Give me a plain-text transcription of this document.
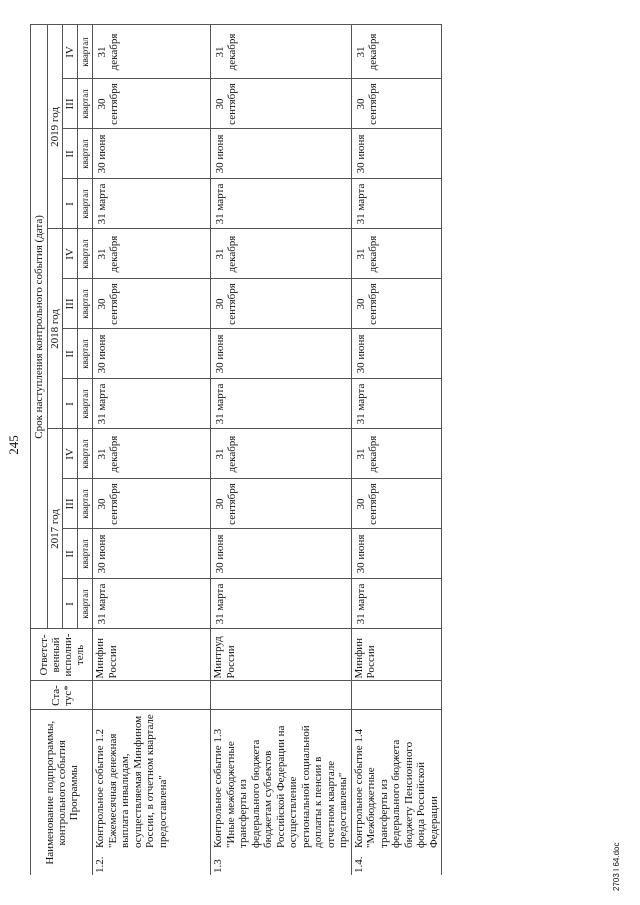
245
Наименование подпрограммы, контрольного события Программы		Ста-тус*	Ответст-венный исполни-тель	Срок наступления контрольного события (дата)											
				2017 год				2018 год				2019 год			
				I	II	III	IV	I	II	III	IV	I	II	III	IV
				квартал	квартал	квартал	квартал	квартал	квартал	квартал	квартал	квартал	квартал	квартал	квартал
1.2.	Контрольное событие 1.2 "Ежемесячная денежная выплата инвалидам, осуществляемая Минфином России, в отчетном квартале предоставлена"		Минфин России	31 марта	30 июня	30 сентября	31 декабря	31 марта	30 июня	30 сентября	31 декабря	31 марта	30 июня	30 сентября	31 декабря
1.3	Контрольное событие 1.3 "Иные межбюджетные трансферты из федерального бюджета бюджетам субъектов Российской Федерации на осуществление региональной социальной доплаты к пенсии в отчетном квартале предоставлены"		Минтруд России	31 марта	30 июня	30 сентября	31 декабря	31 марта	30 июня	30 сентября	31 декабря	31 марта	30 июня	30 сентября	31 декабря
1.4.	Контрольное событие 1.4 "Межбюджетные трансферты из федерального бюджета бюджету Пенсионного фонда Российской Федерации		Минфин России	31 марта	30 июня	30 сентября	31 декабря	31 марта	30 июня	30 сентября	31 декабря	31 марта	30 июня	30 сентября	31 декабря
2703 I 64.doc
